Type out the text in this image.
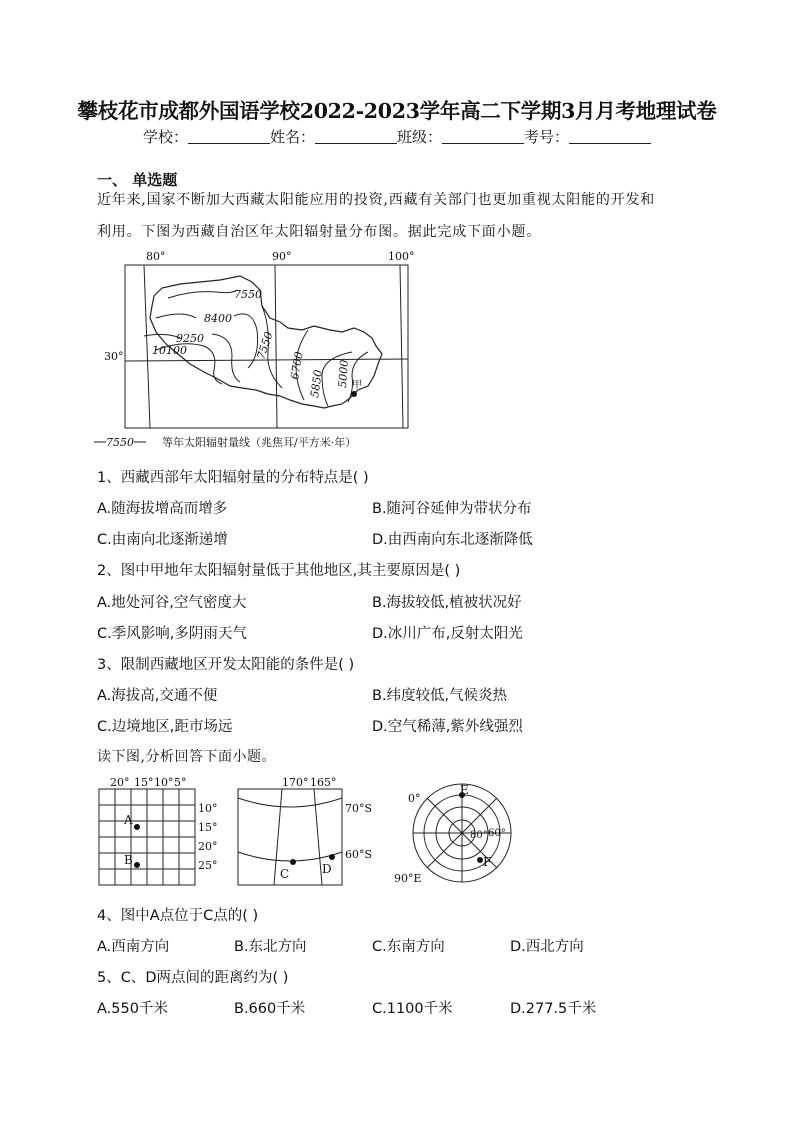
攀枝花市成都外国语学校2022-2023学年高二下学期3月月考地理试卷
学校：	姓名：	班级：	考号：
一、 单选题
近年来,国家不断加大西藏太阳能应用的投资,西藏有关部门也更加重视太阳能的开发和
利用。下图为西藏自治区年太阳辐射量分布图。据此完成下面小题。
80°	90°	100°
30°
7550
8400
9250
10100	7550
6700
5850 5000 甲
7550	等年太阳辐射量线（兆焦耳/平方米·年）
1、西藏西部年太阳辐射量的分布特点是( )
A.随海拔增高而增多	B.随河谷延伸为带状分布
C.由南向北逐渐递增	D.由西南向东北逐渐降低
2、图中甲地年太阳辐射量低于其他地区,其主要原因是( )
A.地处河谷,空气密度大	B.海拔较低,植被状况好
C.季风影响,多阴雨天气	D.冰川广布,反射太阳光
3、限制西藏地区开发太阳能的条件是( )
A.海拔高,交通不便	B.纬度较低,气候炎热
C.边境地区,距市场远	D.空气稀薄,紫外线强烈
读下图,分析回答下面小题。
20° 15° 10° 5°
10°
15°
20°
25°
A
B
170° 165°
70°S
60°S
C	D
0°
90°E
80° 60°
E
F
4、图中A点位于C点的( )
A.西南方向	B.东北方向	C.东南方向	D.西北方向
5、C、D两点间的距离约为( )
A.550千米	B.660千米	C.1100千米	D.277.5千米
